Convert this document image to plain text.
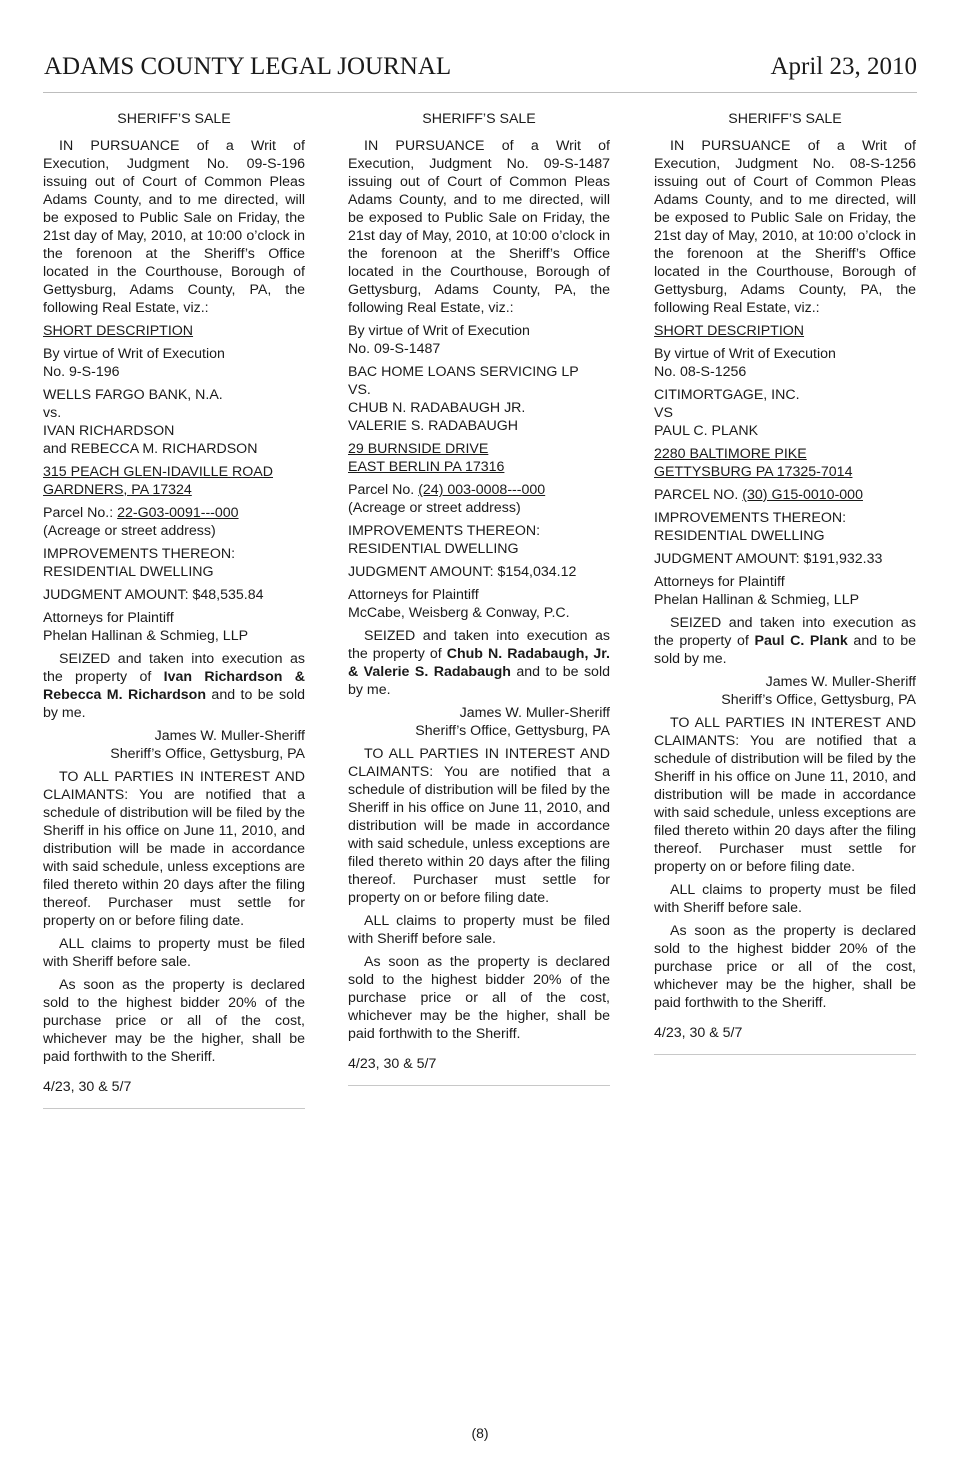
ADAMS COUNTY LEGAL JOURNAL	April 23, 2010

SHERIFF’S SALE

IN PURSUANCE of a Writ of Execution, Judgment No. 09-S-196 issuing out of Court of Common Pleas Adams County, and to me directed, will be exposed to Public Sale on Friday, the 21st day of May, 2010, at 10:00 o’clock in the forenoon at the Sheriff’s Office located in the Courthouse, Borough of Gettysburg, Adams County, PA, the following Real Estate, viz.:

SHORT DESCRIPTION

By virtue of Writ of Execution
No. 9-S-196

WELLS FARGO BANK, N.A.
vs.
IVAN RICHARDSON
and REBECCA M. RICHARDSON

315 PEACH GLEN-IDAVILLE ROAD
GARDNERS, PA 17324

Parcel No.: 22-G03-0091---000
(Acreage or street address)

IMPROVEMENTS THEREON:
RESIDENTIAL DWELLING

JUDGMENT AMOUNT: $48,535.84

Attorneys for Plaintiff
Phelan Hallinan & Schmieg, LLP

SEIZED and taken into execution as the property of Ivan Richardson & Rebecca M. Richardson and to be sold by me.

James W. Muller-Sheriff

Sheriff’s Office, Gettysburg, PA

TO ALL PARTIES IN INTEREST AND CLAIMANTS: You are notified that a schedule of distribution will be filed by the Sheriff in his office on June 11, 2010, and distribution will be made in accordance with said schedule, unless exceptions are filed thereto within 20 days after the filing thereof. Purchaser must settle for property on or before filing date.

ALL claims to property must be filed with Sheriff before sale.

As soon as the property is declared sold to the highest bidder 20% of the purchase price or all of the cost, whichever may be the higher, shall be paid forthwith to the Sheriff.

4/23, 30 & 5/7

SHERIFF’S SALE

IN PURSUANCE of a Writ of Execution, Judgment No. 09-S-1487 issuing out of Court of Common Pleas Adams County, and to me directed, will be exposed to Public Sale on Friday, the 21st day of May, 2010, at 10:00 o’clock in the forenoon at the Sheriff’s Office located in the Courthouse, Borough of Gettysburg, Adams County, PA, the following Real Estate, viz.:

By virtue of Writ of Execution
No. 09-S-1487

BAC HOME LOANS SERVICING LP
VS.
CHUB N. RADABAUGH JR.
VALERIE S. RADABAUGH

29 BURNSIDE DRIVE
EAST BERLIN PA 17316

Parcel No. (24) 003-0008---000
(Acreage or street address)

IMPROVEMENTS THEREON:
RESIDENTIAL DWELLING

JUDGMENT AMOUNT: $154,034.12

Attorneys for Plaintiff
McCabe, Weisberg & Conway, P.C.

SEIZED and taken into execution as the property of Chub N. Radabaugh, Jr. & Valerie S. Radabaugh and to be sold by me.

James W. Muller-Sheriff

Sheriff’s Office, Gettysburg, PA

TO ALL PARTIES IN INTEREST AND CLAIMANTS: You are notified that a schedule of distribution will be filed by the Sheriff in his office on June 11, 2010, and distribution will be made in accordance with said schedule, unless exceptions are filed thereto within 20 days after the filing thereof. Purchaser must settle for property on or before filing date.

ALL claims to property must be filed with Sheriff before sale.

As soon as the property is declared sold to the highest bidder 20% of the purchase price or all of the cost, whichever may be the higher, shall be paid forthwith to the Sheriff.

4/23, 30 & 5/7

SHERIFF’S SALE

IN PURSUANCE of a Writ of Execution, Judgment No. 08-S-1256 issuing out of Court of Common Pleas Adams County, and to me directed, will be exposed to Public Sale on Friday, the 21st day of May, 2010, at 10:00 o’clock in the forenoon at the Sheriff’s Office located in the Courthouse, Borough of Gettysburg, Adams County, PA, the following Real Estate, viz.:

SHORT DESCRIPTION

By virtue of Writ of Execution
No. 08-S-1256

CITIMORTGAGE, INC.
VS
PAUL C. PLANK

2280 BALTIMORE PIKE
GETTYSBURG PA 17325-7014

PARCEL NO. (30) G15-0010-000

IMPROVEMENTS THEREON:
RESIDENTIAL DWELLING

JUDGMENT AMOUNT: $191,932.33

Attorneys for Plaintiff
Phelan Hallinan & Schmieg, LLP

SEIZED and taken into execution as the property of Paul C. Plank and to be sold by me.

James W. Muller-Sheriff

Sheriff’s Office, Gettysburg, PA

TO ALL PARTIES IN INTEREST AND CLAIMANTS: You are notified that a schedule of distribution will be filed by the Sheriff in his office on June 11, 2010, and distribution will be made in accordance with said schedule, unless exceptions are filed thereto within 20 days after the filing thereof. Purchaser must settle for property on or before filing date.

ALL claims to property must be filed with Sheriff before sale.

As soon as the property is declared sold to the highest bidder 20% of the purchase price or all of the cost, whichever may be the higher, shall be paid forthwith to the Sheriff.

4/23, 30 & 5/7

(8)
